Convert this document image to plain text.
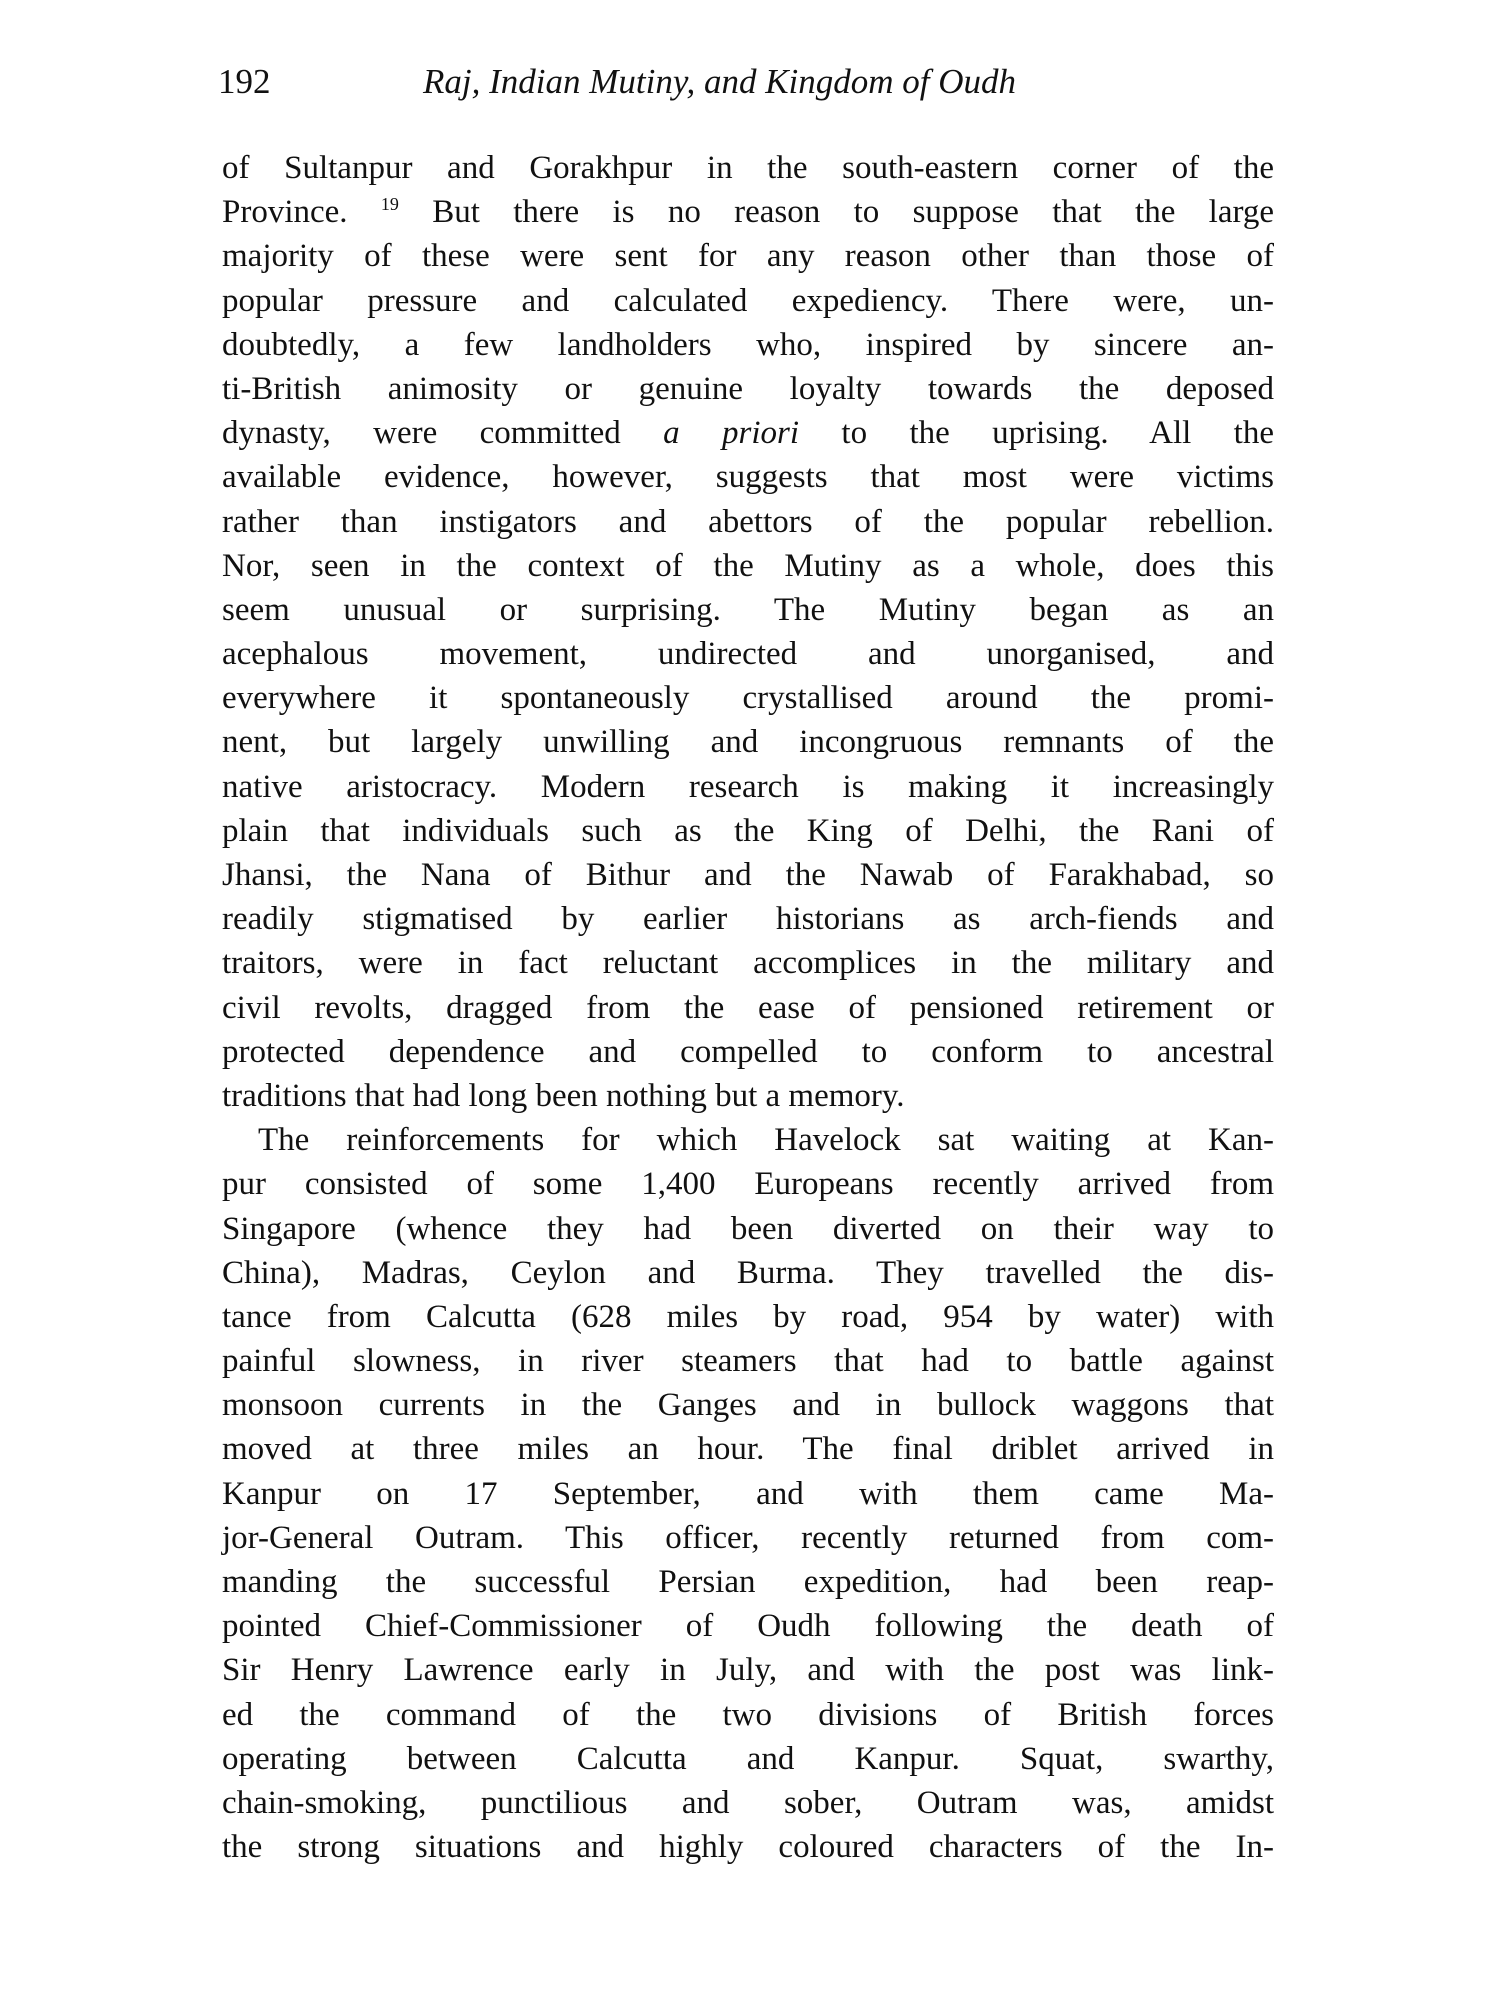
192	Raj, Indian Mutiny, and Kingdom of Oudh
of Sultanpur and Gorakhpur in the south-eastern corner of the
Province. $^{19}$ But there is no reason to suppose that the large
majority of these were sent for any reason other than those of
popular pressure and calculated expediency. There were, un-
doubtedly, a few landholders who, inspired by sincere an-
ti-British animosity or genuine loyalty towards the deposed
dynasty, were committed a priori to the uprising. All the
available evidence, however, suggests that most were victims
rather than instigators and abettors of the popular rebellion.
Nor, seen in the context of the Mutiny as a whole, does this
seem unusual or surprising. The Mutiny began as an
acephalous movement, undirected and unorganised, and
everywhere it spontaneously crystallised around the promi-
nent, but largely unwilling and incongruous remnants of the
native aristocracy. Modern research is making it increasingly
plain that individuals such as the King of Delhi, the Rani of
Jhansi, the Nana of Bithur and the Nawab of Farakhabad, so
readily stigmatised by earlier historians as arch-fiends and
traitors, were in fact reluctant accomplices in the military and
civil revolts, dragged from the ease of pensioned retirement or
protected dependence and compelled to conform to ancestral
traditions that had long been nothing but a memory.
The reinforcements for which Havelock sat waiting at Kan-
pur consisted of some 1,400 Europeans recently arrived from
Singapore (whence they had been diverted on their way to
China), Madras, Ceylon and Burma. They travelled the dis-
tance from Calcutta (628 miles by road, 954 by water) with
painful slowness, in river steamers that had to battle against
monsoon currents in the Ganges and in bullock waggons that
moved at three miles an hour. The final driblet arrived in
Kanpur on 17 September, and with them came Ma-
jor-General Outram. This officer, recently returned from com-
manding the successful Persian expedition, had been reap-
pointed Chief-Commissioner of Oudh following the death of
Sir Henry Lawrence early in July, and with the post was link-
ed the command of the two divisions of British forces
operating between Calcutta and Kanpur. Squat, swarthy,
chain-smoking, punctilious and sober, Outram was, amidst
the strong situations and highly coloured characters of the In-
